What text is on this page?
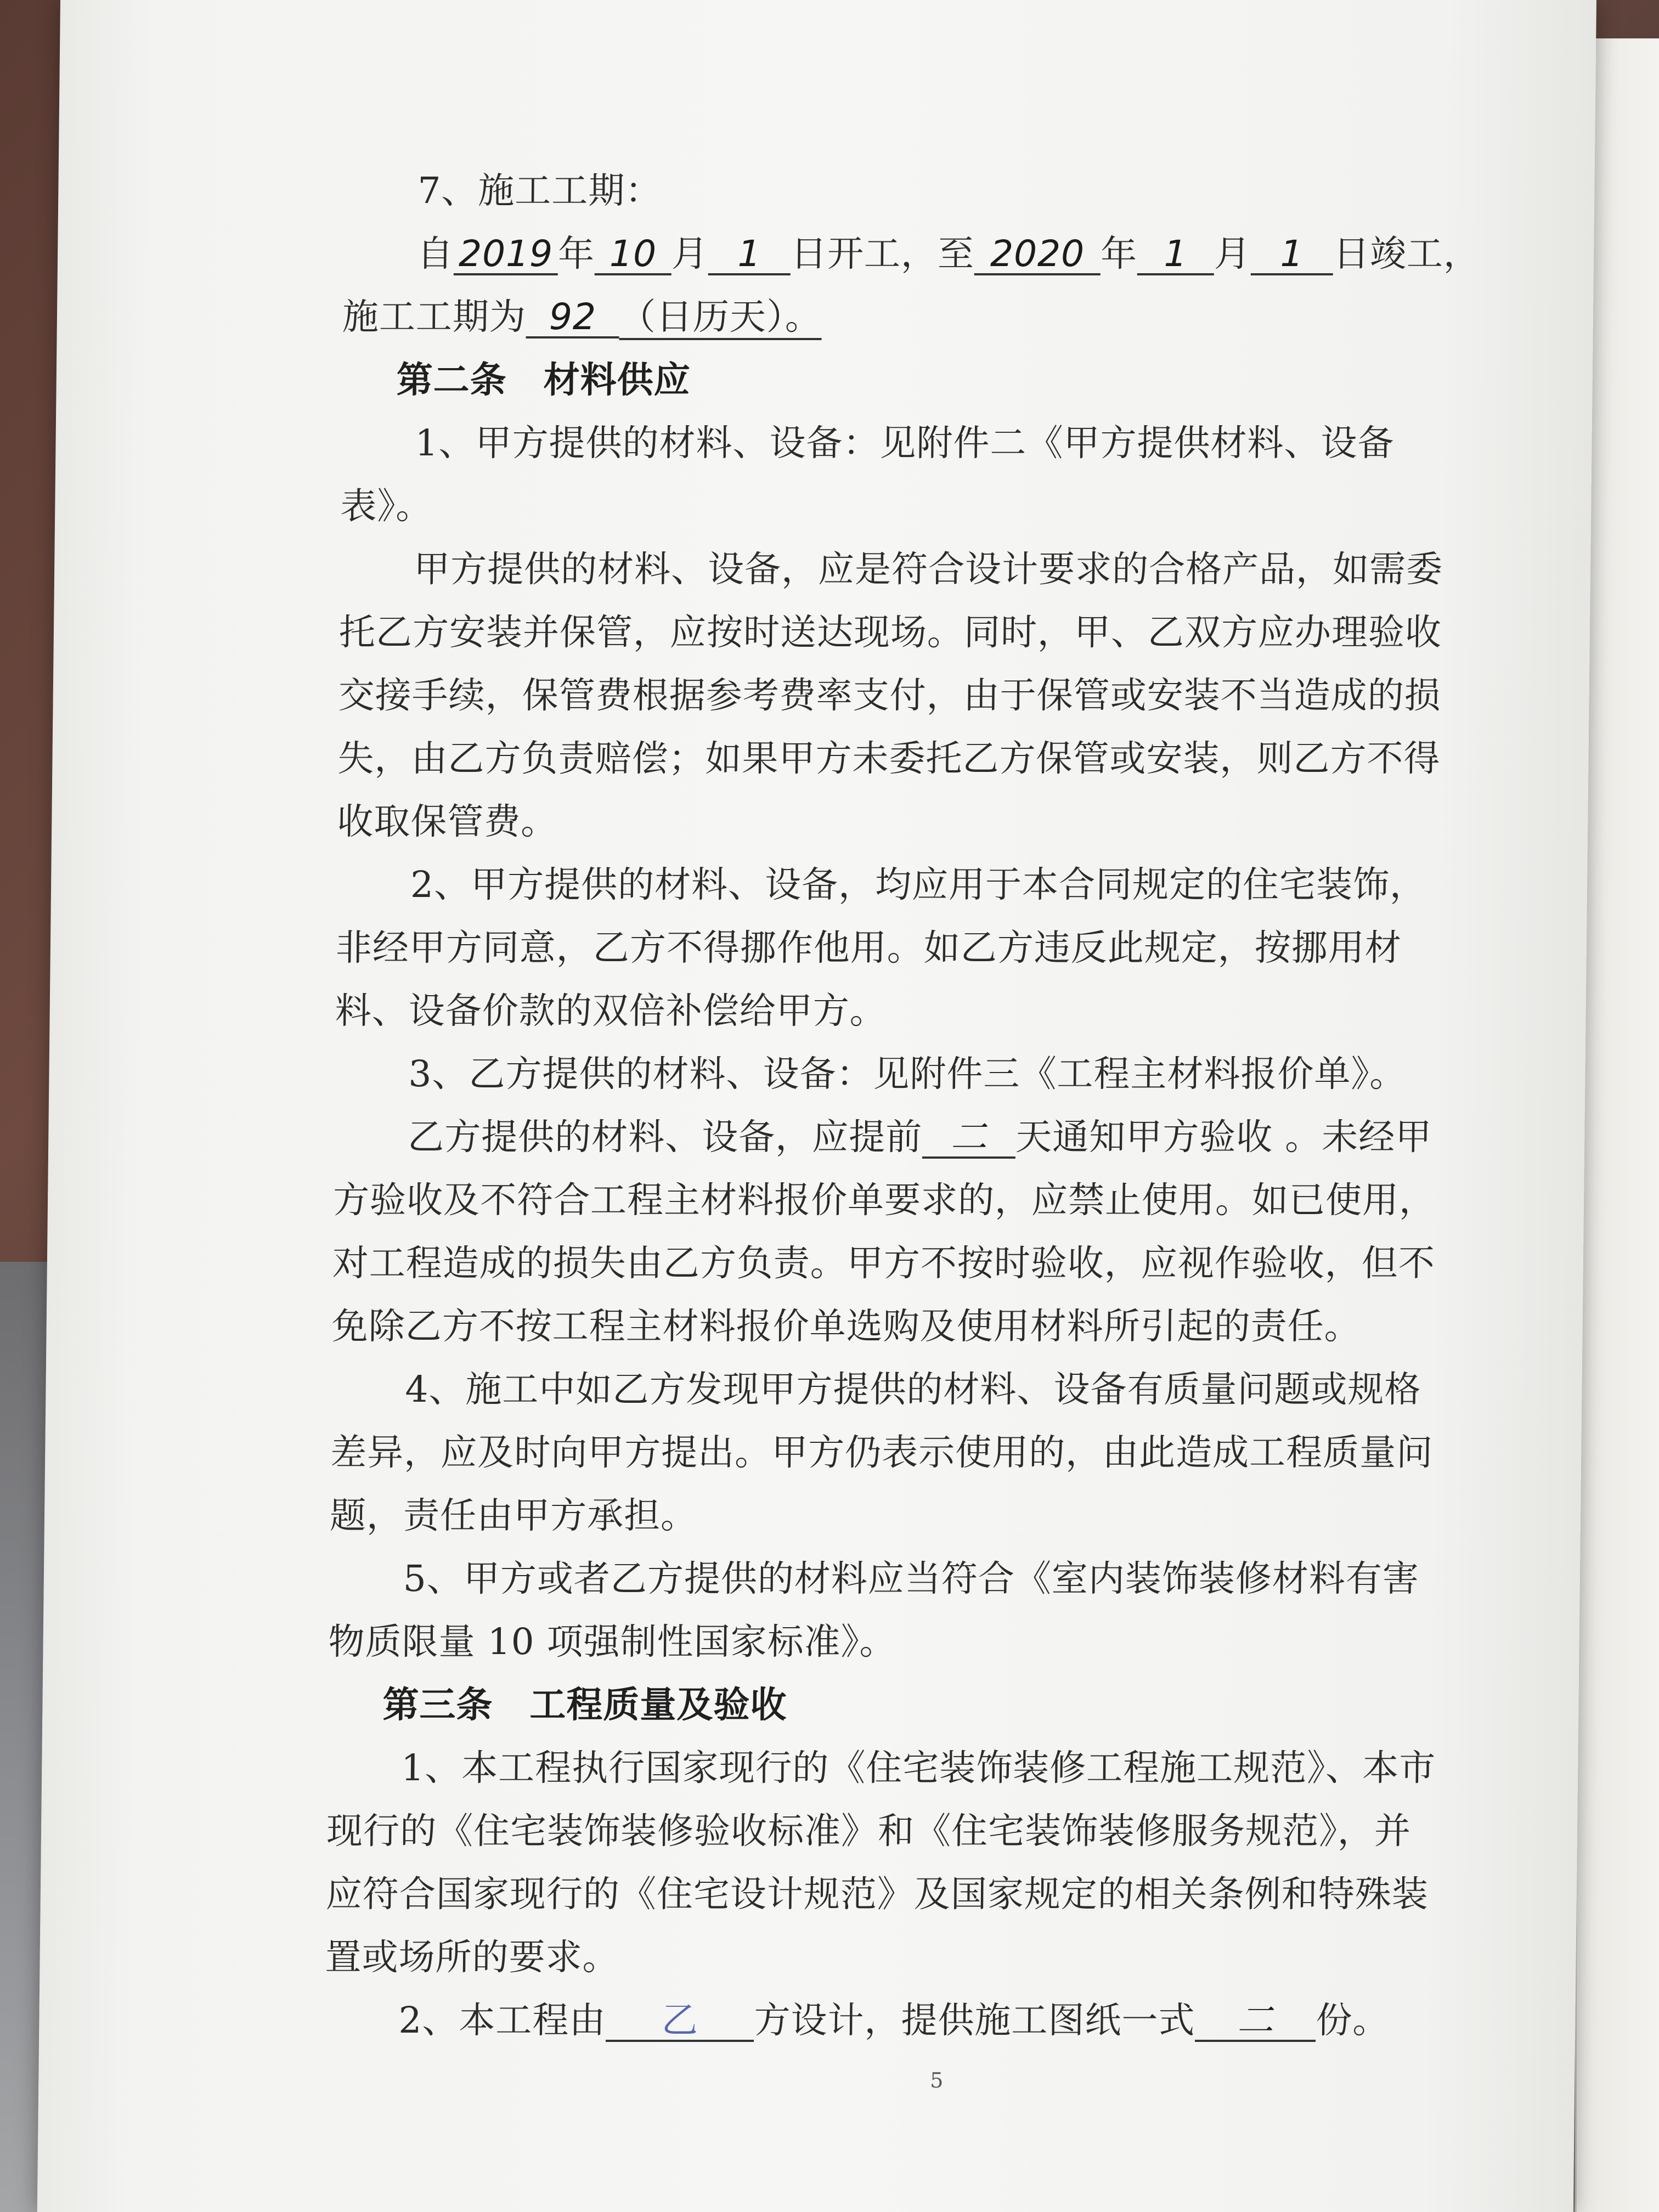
7、施工工期：
自 2019 年 10 月 1 日开工，至 2020 年 1 月 1 日竣工，
施工工期为 92 （日历天）。
第二条　材料供应
1、甲方提供的材料、设备：见附件二《甲方提供材料、设备
表》。
甲方提供的材料、设备，应是符合设计要求的合格产品，如需委
托乙方安装并保管，应按时送达现场。同时，甲、乙双方应办理验收
交接手续，保管费根据参考费率支付，由于保管或安装不当造成的损
失，由乙方负责赔偿；如果甲方未委托乙方保管或安装，则乙方不得
收取保管费。
2、甲方提供的材料、设备，均应用于本合同规定的住宅装饰，
非经甲方同意，乙方不得挪作他用。如乙方违反此规定，按挪用材
料、设备价款的双倍补偿给甲方。
3、乙方提供的材料、设备：见附件三《工程主材料报价单》。
乙方提供的材料、设备，应提前 二 天通知甲方验收 。未经甲
方验收及不符合工程主材料报价单要求的，应禁止使用。如已使用，
对工程造成的损失由乙方负责。甲方不按时验收，应视作验收，但不
免除乙方不按工程主材料报价单选购及使用材料所引起的责任。
4、施工中如乙方发现甲方提供的材料、设备有质量问题或规格
差异，应及时向甲方提出。甲方仍表示使用的，由此造成工程质量问
题，责任由甲方承担。
5、甲方或者乙方提供的材料应当符合《室内装饰装修材料有害
物质限量 10 项强制性国家标准》。
第三条　工程质量及验收
1、本工程执行国家现行的《住宅装饰装修工程施工规范》、本市
现行的《住宅装饰装修验收标准》和《住宅装饰装修服务规范》，并
应符合国家现行的《住宅设计规范》及国家规定的相关条例和特殊装
置或场所的要求。
2、本工程由 乙 方设计，提供施工图纸一式 二 份。
5
